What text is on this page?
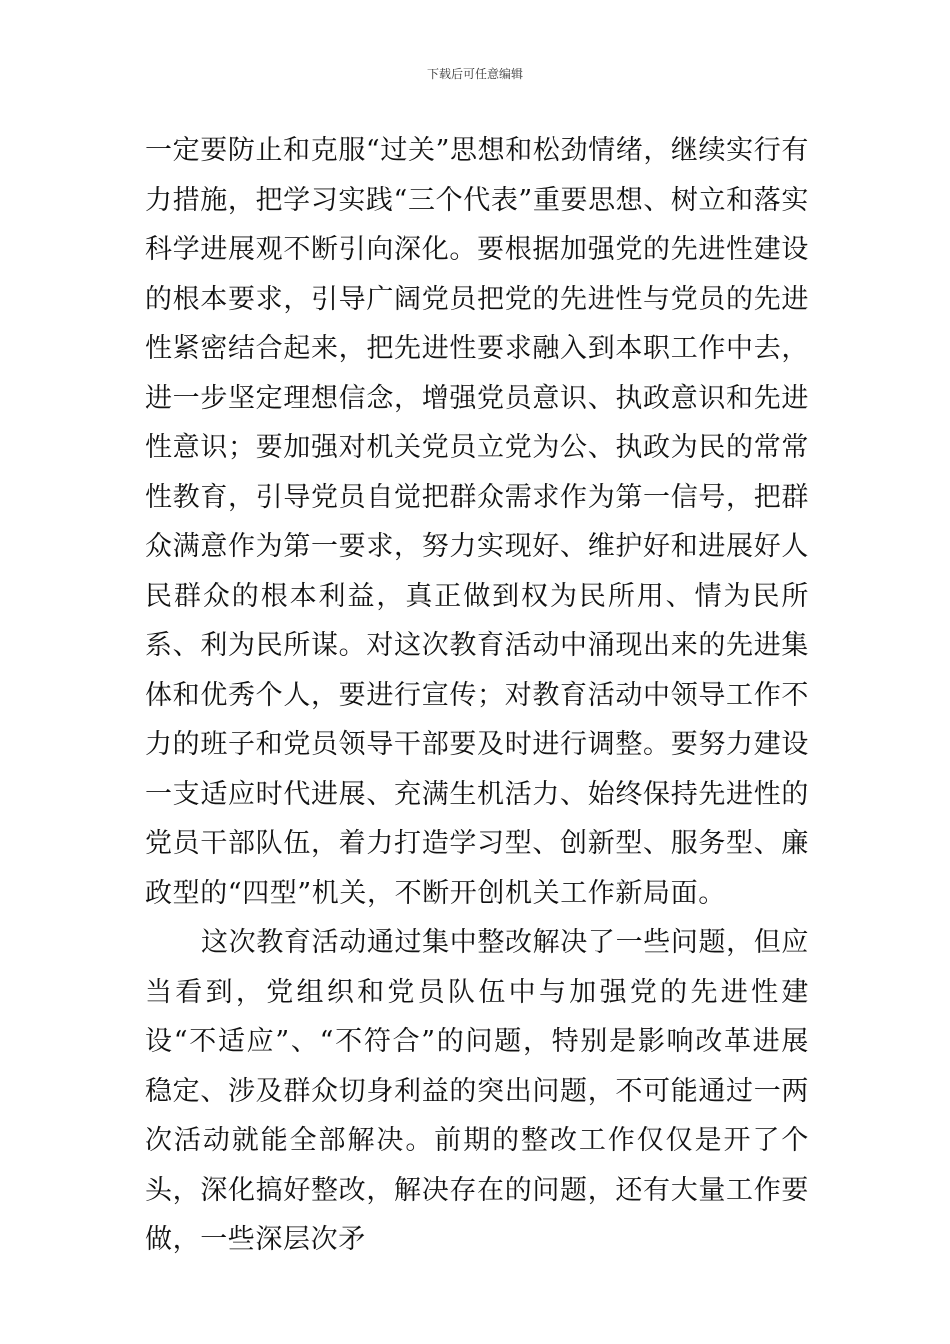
下载后可任意编辑

一定要防止和克服“过关”思想和松劲情绪，继续实行有力措施，把学习实践“三个代表”重要思想、树立和落实科学进展观不断引向深化。要根据加强党的先进性建设的根本要求，引导广阔党员把党的先进性与党员的先进性紧密结合起来，把先进性要求融入到本职工作中去，进一步坚定理想信念，增强党员意识、执政意识和先进性意识；要加强对机关党员立党为公、执政为民的常常性教育，引导党员自觉把群众需求作为第一信号，把群众满意作为第一要求，努力实现好、维护好和进展好人民群众的根本利益，真正做到权为民所用、情为民所系、利为民所谋。对这次教育活动中涌现出来的先进集体和优秀个人，要进行宣传；对教育活动中领导工作不力的班子和党员领导干部要及时进行调整。要努力建设一支适应时代进展、充满生机活力、始终保持先进性的党员干部队伍，着力打造学习型、创新型、服务型、廉政型的“四型”机关，不断开创机关工作新局面。

这次教育活动通过集中整改解决了一些问题，但应当看到，党组织和党员队伍中与加强党的先进性建设“不适应”、“不符合”的问题，特别是影响改革进展稳定、涉及群众切身利益的突出问题，不可能通过一两次活动就能全部解决。前期的整改工作仅仅是开了个头，深化搞好整改，解决存在的问题，还有大量工作要做，一些深层次矛
